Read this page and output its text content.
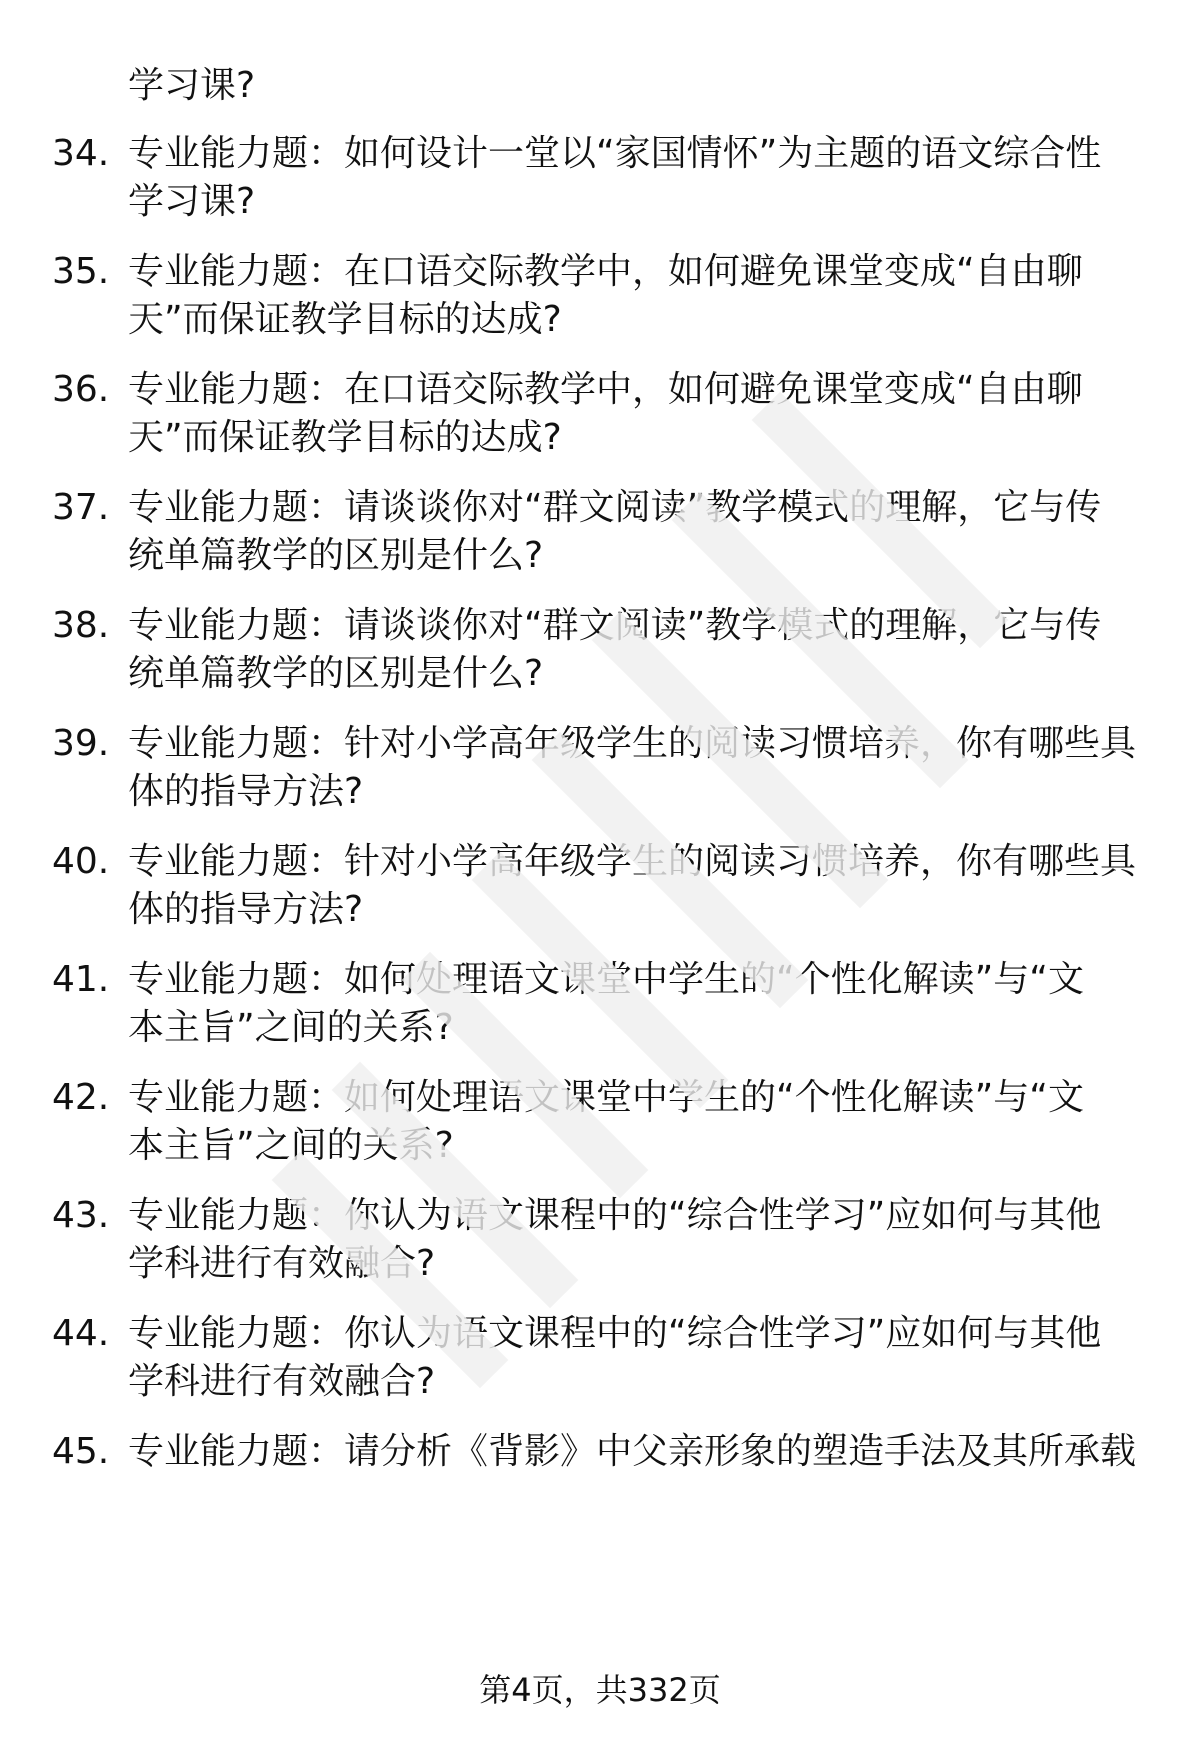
学习课?
34. 专业能力题：如何设计一堂以“家国情怀”为主题的语文综合性
学习课?
35. 专业能力题：在口语交际教学中，如何避免课堂变成“自由聊
天”而保证教学目标的达成?
36. 专业能力题：在口语交际教学中，如何避免课堂变成“自由聊
天”而保证教学目标的达成?
37. 专业能力题：请谈谈你对“群文阅读”教学模式的理解，它与传
统单篇教学的区别是什么?
38. 专业能力题：请谈谈你对“群文阅读”教学模式的理解，它与传
统单篇教学的区别是什么?
39. 专业能力题：针对小学高年级学生的阅读习惯培养，你有哪些具
体的指导方法?
40. 专业能力题：针对小学高年级学生的阅读习惯培养，你有哪些具
体的指导方法?
41. 专业能力题：如何处理语文课堂中学生的“个性化解读”与“文
本主旨”之间的关系?
42. 专业能力题：如何处理语文课堂中学生的“个性化解读”与“文
本主旨”之间的关系?
43. 专业能力题：你认为语文课程中的“综合性学习”应如何与其他
学科进行有效融合?
44. 专业能力题：你认为语文课程中的“综合性学习”应如何与其他
学科进行有效融合?
45. 专业能力题：请分析《背影》中父亲形象的塑造手法及其所承载
第4页，共332页
